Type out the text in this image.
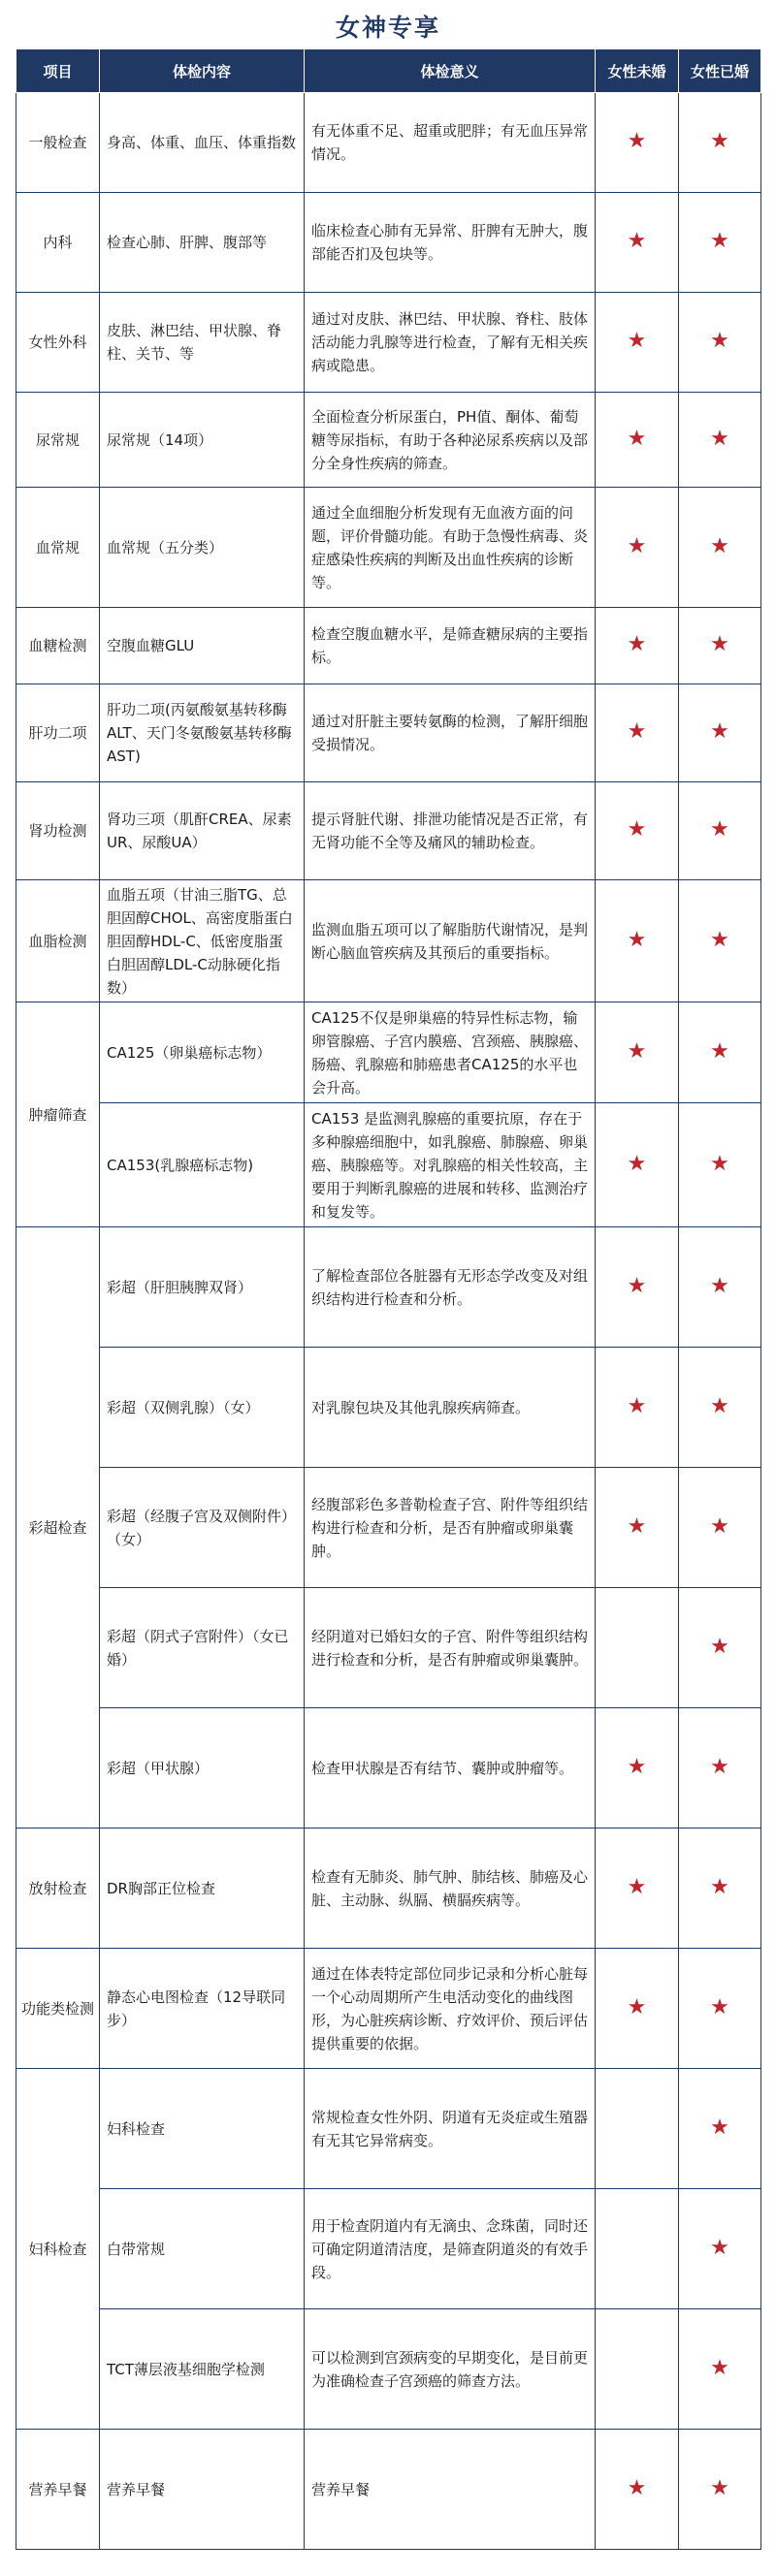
女神专享
项目	体检内容	体检意义	女性未婚	女性已婚
一般检查	身高、体重、血压、体重指数	有无体重不足、超重或肥胖；有无血压异常情况。	★	★
内科	检查心肺、肝脾、腹部等	临床检查心肺有无异常、肝脾有无肿大，腹部能否扪及包块等。	★	★
女性外科	皮肤、淋巴结、甲状腺、脊柱、关节、等	通过对皮肤、淋巴结、甲状腺、脊柱、肢体活动能力乳腺等进行检查，了解有无相关疾病或隐患。	★	★
尿常规	尿常规（14项）	全面检查分析尿蛋白，PH值、酮体、葡萄糖等尿指标，有助于各种泌尿系疾病以及部分全身性疾病的筛查。	★	★
血常规	血常规（五分类）	通过全血细胞分析发现有无血液方面的问题，评价骨髓功能。有助于急慢性病毒、炎症感染性疾病的判断及出血性疾病的诊断等。	★	★
血糖检测	空腹血糖GLU	检查空腹血糖水平，是筛查糖尿病的主要指标。	★	★
肝功二项	肝功二项(丙氨酸氨基转移酶ALT、天门冬氨酸氨基转移酶AST)	通过对肝脏主要转氨酶的检测，了解肝细胞受损情况。	★	★
肾功检测	肾功三项（肌酐CREA、尿素UR、尿酸UA）	提示肾脏代谢、排泄功能情况是否正常，有无肾功能不全等及痛风的辅助检查。	★	★
血脂检测	血脂五项（甘油三脂TG、总胆固醇CHOL、高密度脂蛋白胆固醇HDL-C、低密度脂蛋白胆固醇LDL-C动脉硬化指数）	监测血脂五项可以了解脂肪代谢情况，是判断心脑血管疾病及其预后的重要指标。	★	★
肿瘤筛查	CA125（卵巢癌标志物）	CA125不仅是卵巢癌的特异性标志物，输卵管腺癌、子宫内膜癌、宫颈癌、胰腺癌、肠癌、乳腺癌和肺癌患者CA125的水平也会升高。	★	★
	CA153(乳腺癌标志物)	CA153 是监测乳腺癌的重要抗原，存在于多种腺癌细胞中，如乳腺癌、肺腺癌、卵巢癌、胰腺癌等。对乳腺癌的相关性较高，主要用于判断乳腺癌的进展和转移、监测治疗和复发等。	★	★
彩超检查	彩超（肝胆胰脾双肾）	了解检查部位各脏器有无形态学改变及对组织结构进行检查和分析。	★	★
	彩超（双侧乳腺）（女）	对乳腺包块及其他乳腺疾病筛查。	★	★
	彩超（经腹子宫及双侧附件）（女）	经腹部彩色多普勒检查子宫、附件等组织结构进行检查和分析，是否有肿瘤或卵巢囊肿。	★	★
	彩超（阴式子宫附件）（女已婚）	经阴道对已婚妇女的子宫、附件等组织结构进行检查和分析，是否有肿瘤或卵巢囊肿。		★
	彩超（甲状腺）	检查甲状腺是否有结节、囊肿或肿瘤等。	★	★
放射检查	DR胸部正位检查	检查有无肺炎、肺气肿、肺结核、肺癌及心脏、主动脉、纵膈、横膈疾病等。	★	★
功能类检测	静态心电图检查（12导联同步）	通过在体表特定部位同步记录和分析心脏每一个心动周期所产生电活动变化的曲线图形，为心脏疾病诊断、疗效评价、预后评估提供重要的依据。	★	★
妇科检查	妇科检查	常规检查女性外阴、阴道有无炎症或生殖器有无其它异常病变。		★
	白带常规	用于检查阴道内有无滴虫、念珠菌，同时还可确定阴道清洁度，是筛查阴道炎的有效手段。		★
	TCT薄层液基细胞学检测	可以检测到宫颈病变的早期变化，是目前更为准确检查子宫颈癌的筛查方法。		★
营养早餐	营养早餐	营养早餐	★	★
